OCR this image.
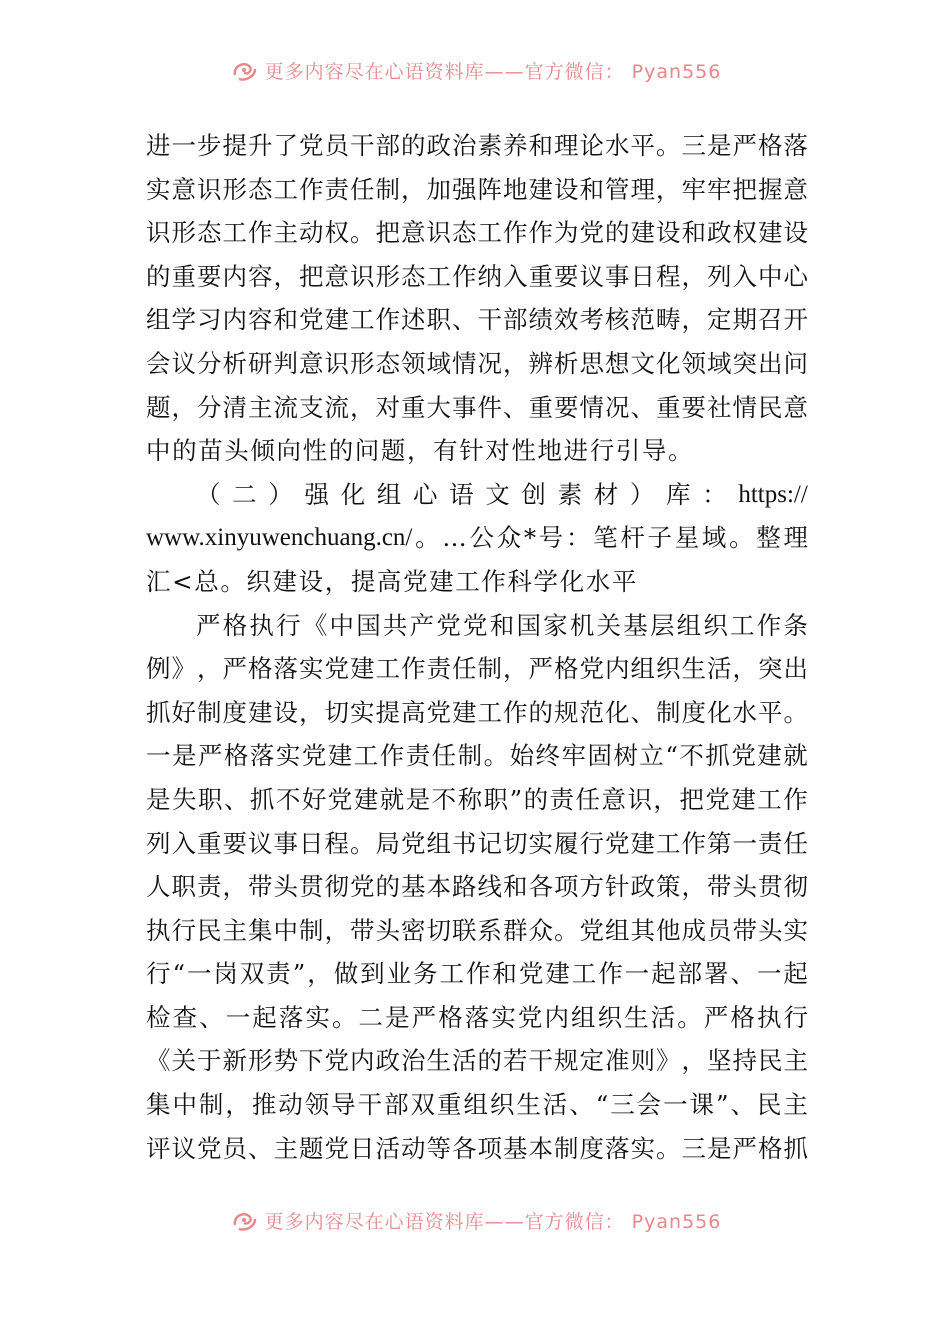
更多内容尽在心语资料库——官方微信： Pyan556
进 一 步 提 升 了 党 员 干 部 的 政 治 素 养 和 理 论 水 平 。 三 是 严 格 落
实 意 识 形 态 工 作 责 任 制 ， 加 强 阵 地 建 设 和 管 理 ， 牢 牢 把 握 意
识 形 态 工 作 主 动 权 。 把 意 识 态 工 作 作 为 党 的 建 设 和 政 权 建 设
的 重 要 内 容 ， 把 意 识 形 态 工 作 纳 入 重 要 议 事 日 程 ， 列 入 中 心
组 学 习 内 容 和 党 建 工 作 述 职 、 干 部 绩 效 考 核 范 畴 ， 定 期 召 开
会 议 分 析 研 判 意 识 形 态 领 域 情 况 ， 辨 析 思 想 文 化 领 域 突 出 问
题 ， 分 清 主 流 支 流 ， 对 重 大 事 件 、 重 要 情 况 、 重 要 社 情 民 意
中的苗头倾向性的问题，有针对性地进行引导。
（ 二 ） 强 化 组 心 语 文 创 素 材 ） 库 ： https://
www.xinyuwenchuang.cn/ 。 … 公 众 * 号 ： 笔 杆 子 星 域 。 整 理
汇<总。织建设，提高党建工作科学化水平
严 格 执 行 《 中 国 共 产 党 党 和 国 家 机 关 基 层 组 织 工 作 条
例 》 ， 严 格 落 实 党 建 工 作 责 任 制 ， 严 格 党 内 组 织 生 活 ， 突 出
抓 好 制 度 建 设 ， 切 实 提 高 党 建 工 作 的 规 范 化 、 制 度 化 水 平 。
一 是 严 格 落 实 党 建 工 作 责 任 制 。 始 终 牢 固 树 立 “ 不 抓 党 建 就
是 失 职 、 抓 不 好 党 建 就 是 不 称 职 ” 的 责 任 意 识 ， 把 党 建 工 作
列 入 重 要 议 事 日 程 。 局 党 组 书 记 切 实 履 行 党 建 工 作 第 一 责 任
人 职 责 ， 带 头 贯 彻 党 的 基 本 路 线 和 各 项 方 针 政 策 ， 带 头 贯 彻
执 行 民 主 集 中 制 ， 带 头 密 切 联 系 群 众 。 党 组 其 他 成 员 带 头 实
行 “ 一 岗 双 责 ” ， 做 到 业 务 工 作 和 党 建 工 作 一 起 部 署 、 一 起
检 查 、 一 起 落 实 。 二 是 严 格 落 实 党 内 组 织 生 活 。 严 格 执 行
《 关 于 新 形 势 下 党 内 政 治 生 活 的 若 干 规 定 准 则 》 ， 坚 持 民 主
集 中 制 ， 推 动 领 导 干 部 双 重 组 织 生 活 、 “ 三 会 一 课 ” 、 民 主
评 议 党 员 、 主 题 党 日 活 动 等 各 项 基 本 制 度 落 实 。 三 是 严 格 抓
更多内容尽在心语资料库——官方微信： Pyan556
